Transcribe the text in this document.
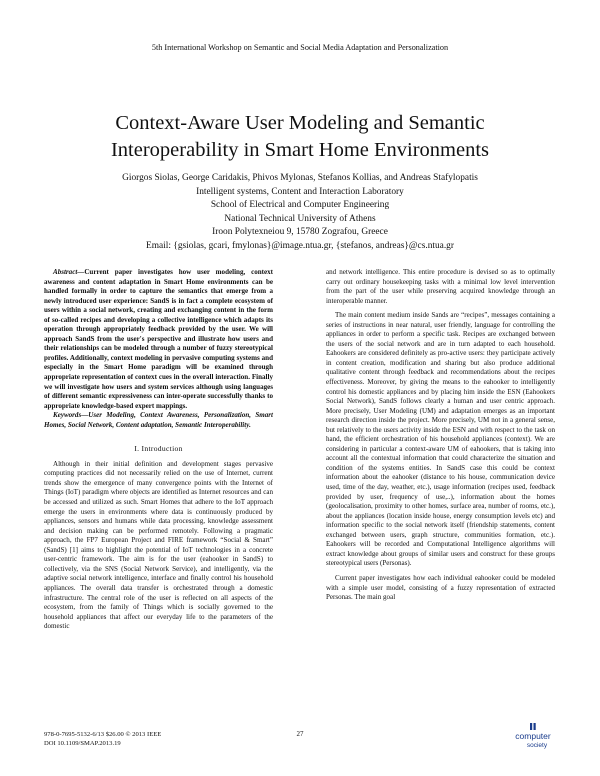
5th International Workshop on Semantic and Social Media Adaptation and Personalization
Context-Aware User Modeling and Semantic
Interoperability in Smart Home Environments
Giorgos Siolas, George Caridakis, Phivos Mylonas, Stefanos Kollias, and Andreas Stafylopatis
Intelligent systems, Content and Interaction Laboratory
School of Electrical and Computer Engineering
National Technical University of Athens
Iroon Polytexneiou 9, 15780 Zografou, Greece
Email: {gsiolas, gcari, fmylonas}@image.ntua.gr, {stefanos, andreas}@cs.ntua.gr

Abstract—Current paper investigates how user modeling, context awareness and content adaptation in Smart Home environments can be handled formally in order to capture the semantics that emerge from a newly introduced user experience: SandS is in fact a complete ecosystem of users within a social network, creating and exchanging content in the form of so-called recipes and developing a collective intelligence which adapts its operation through appropriately feedback provided by the user. We will approach SandS from the user's perspective and illustrate how users and their relationships can be modeled through a number of fuzzy stereotypical profiles. Additionally, context modeling in pervasive computing systems and especially in the Smart Home paradigm will be examined through appropriate representation of context cues in the overall interaction. Finally we will investigate how users and system services although using languages of different semantic expressiveness can inter-operate successfully thanks to appropriate knowledge-based expert mappings.

Keywords—User Modeling, Context Awareness, Personalization, Smart Homes, Social Network, Content adaptation, Semantic Interoperability.

I. Introduction

Although in their initial definition and development stages pervasive computing practices did not necessarily relied on the use of Internet, current trends show the emergence of many convergence points with the Internet of Things (IoT) paradigm where objects are identified as Internet resources and can be accessed and utilized as such. Smart Homes that adhere to the IoT approach emerge the users in environments where data is continuously produced by appliances, sensors and humans while data processing, knowledge assessment and decision making can be performed remotely. Following a pragmatic approach, the FP7 European Project and FIRE framework “Social & Smart” (SandS) [1] aims to highlight the potential of IoT technologies in a concrete user-centric framework. The aim is for the user (eahooker in SandS) to collectively, via the SNS (Social Network Service), and intelligently, via the adaptive social network intelligence, interface and finally control his household appliances. The overall data transfer is orchestrated through a domestic infrastructure. The central role of the user is reflected on all aspects of the ecosystem, from the family of Things which is socially governed to the household appliances that affect our everyday life to the parameters of the domestic

and network intelligence. This entire procedure is devised so as to optimally carry out ordinary housekeeping tasks with a minimal low level intervention from the part of the user while preserving acquired knowledge through an interoperable manner.

The main content medium inside Sands are “recipes”, messages containing a series of instructions in near natural, user friendly, language for controlling the appliances in order to perform a specific task. Recipes are exchanged between the users of the social network and are in turn adapted to each household. Eahookers are considered definitely as pro-active users: they participate actively in content creation, modification and sharing but also produce additional qualitative content through feedback and recommendations about the recipes effectiveness. Moreover, by giving the means to the eahooker to intelligently control his domestic appliances and by placing him inside the ESN (Eahookers Social Network), SandS follows clearly a human and user centric approach. More precisely, User Modeling (UM) and adaptation emerges as an important research direction inside the project. More precisely, UM not in a general sense, but relatively to the users activity inside the ESN and with respect to the task on hand, the efficient orchestration of his household appliances (context). We are considering in particular a context-aware UM of eahookers, that is taking into account all the contextual information that could characterize the situation and condition of the systems entities. In SandS case this could be context information about the eahooker (distance to his house, communication device used, time of the day, weather, etc.), usage information (recipes used, feedback provided by user, frequency of use,..), information about the homes (geolocalisation, proximity to other homes, surface area, number of rooms, etc.), about the appliances (location inside house, energy consumption levels etc) and information specific to the social network itself (friendship statements, content exchanged between users, graph structure, communities formation, etc.). Eahookers will be recorded and Computational Intelligence algorithms will extract knowledge about groups of similar users and construct for these groups stereotypical users (Personas).

Current paper investigates how each individual eahooker could be modeled with a simple user model, consisting of a fuzzy representation of extracted Personas. The main goal

978-0-7695-5132-6/13 $26.00 © 2013 IEEE
DOI 10.1109/SMAP.2013.19
27	computer
society
